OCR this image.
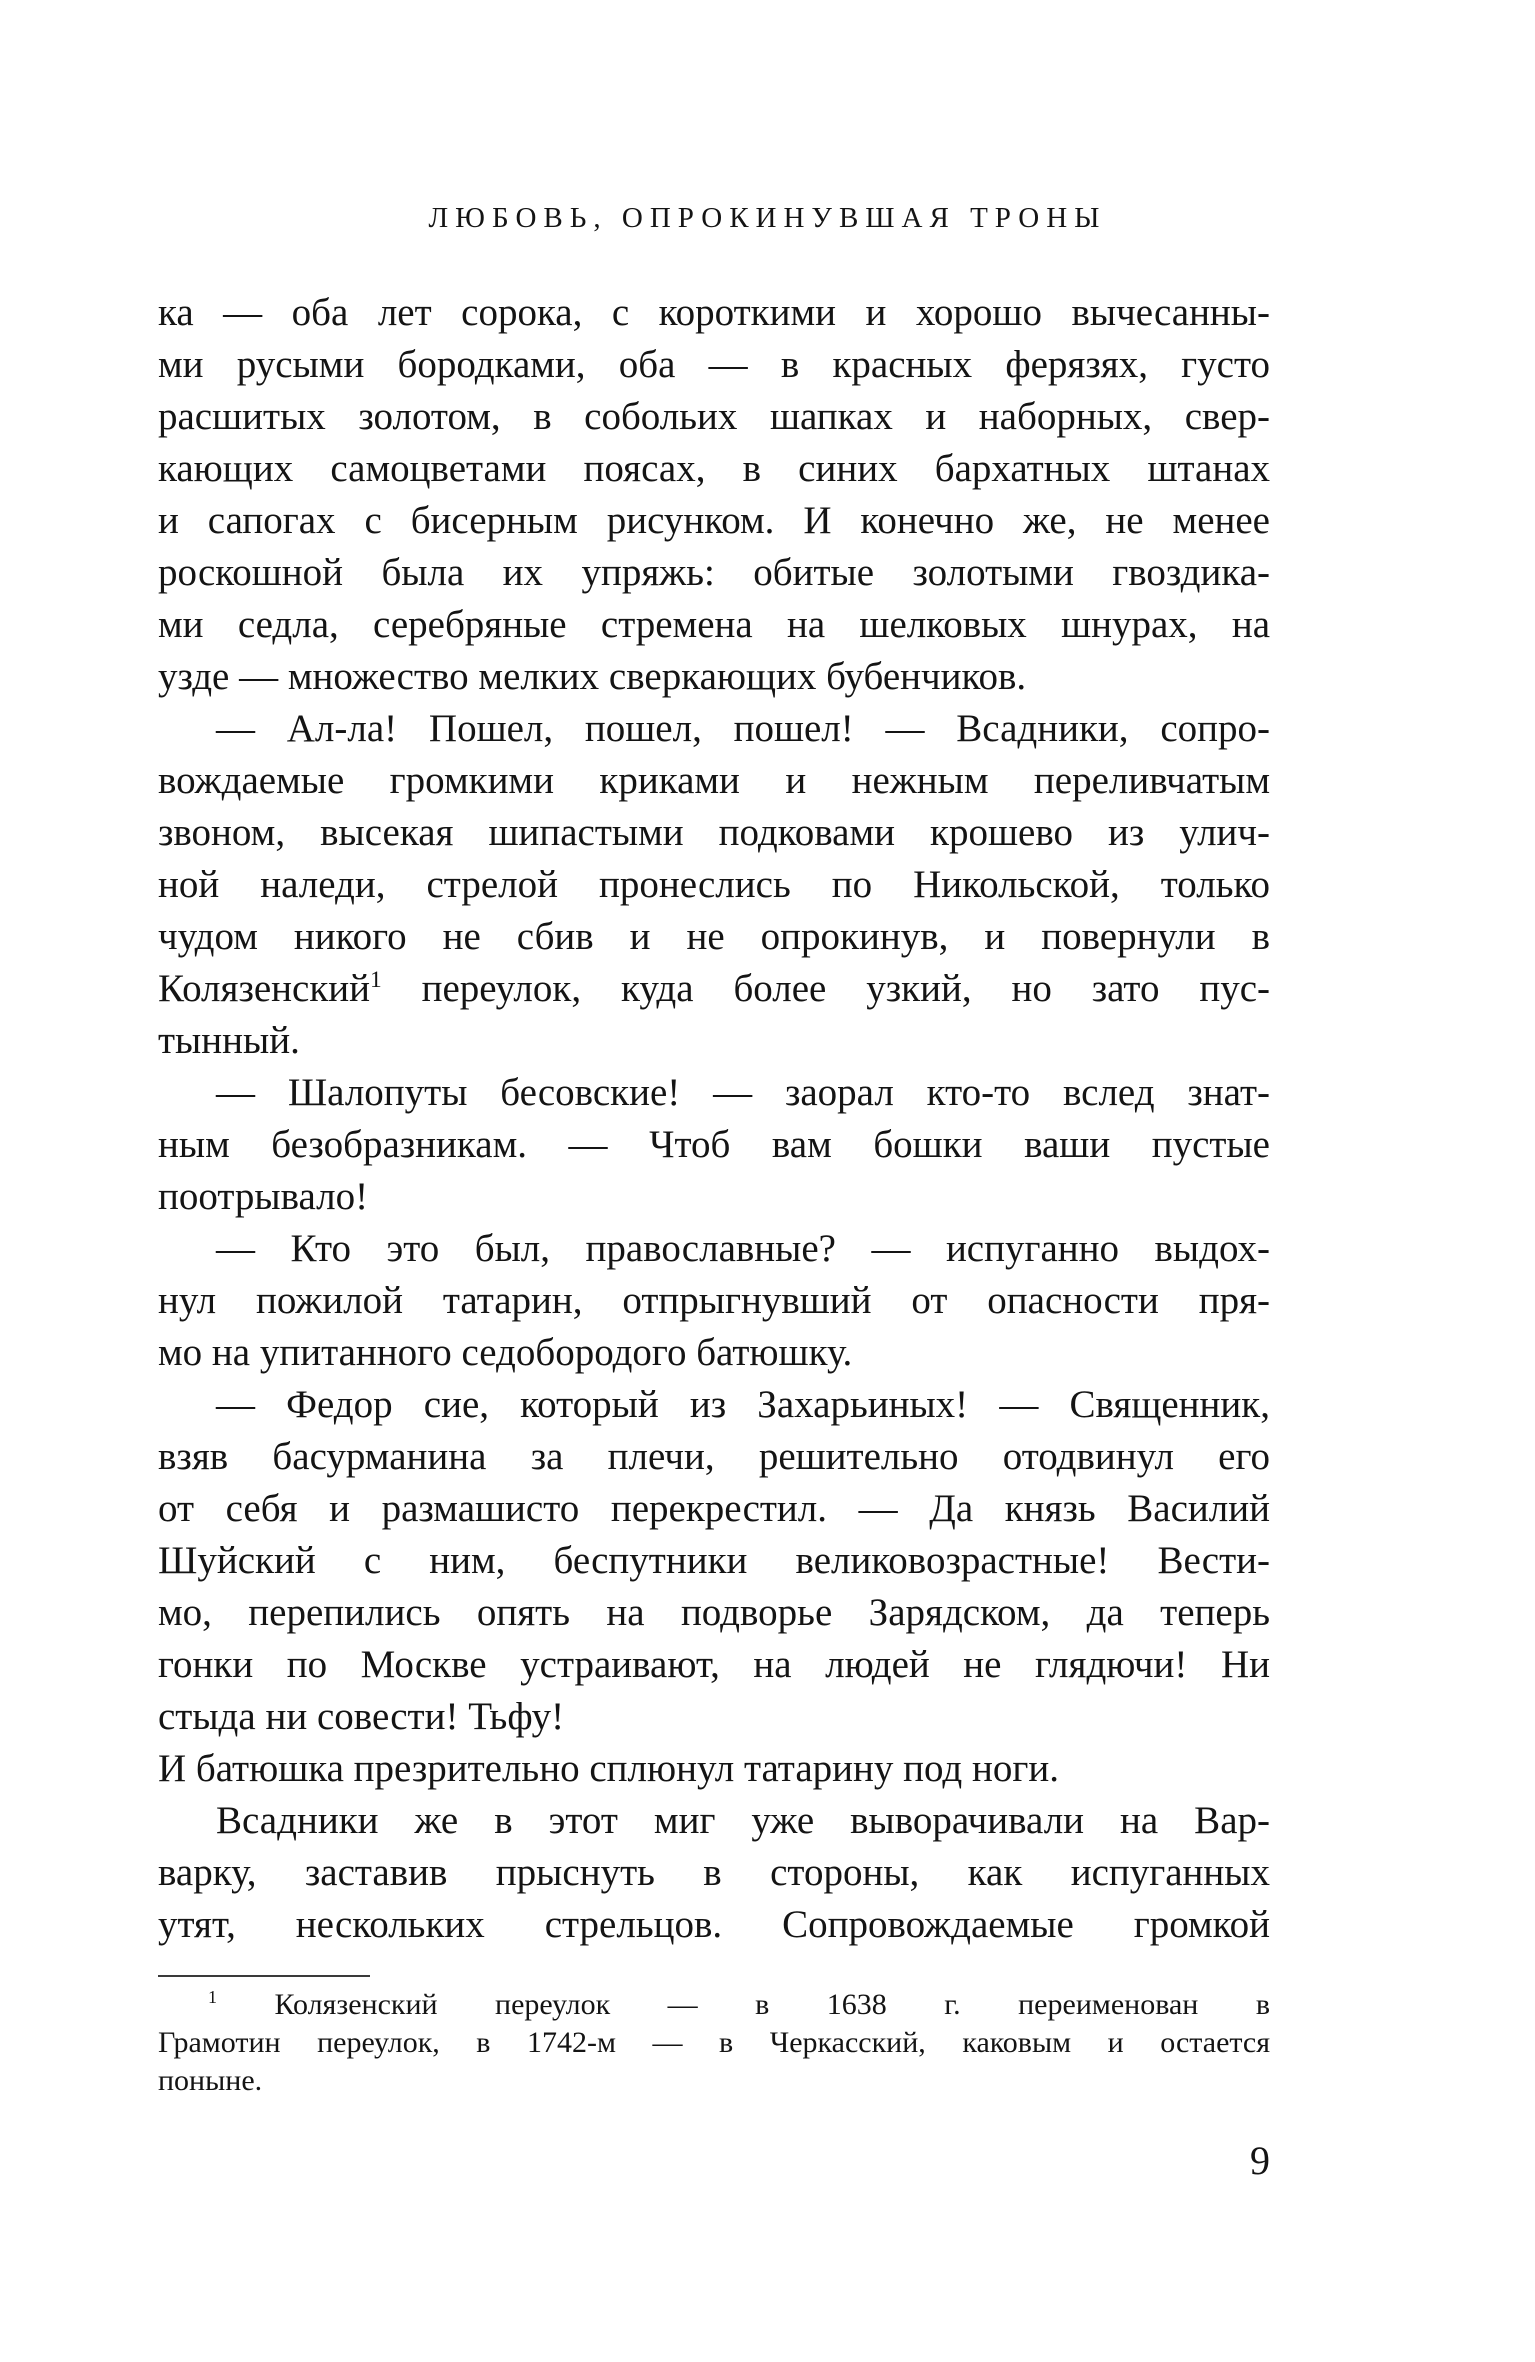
ЛЮБОВЬ, ОПРОКИНУВШАЯ ТРОНЫ

ка — оба лет сорока, с короткими и хорошо вычесанны-
ми русыми бородками, оба — в красных ферязях, густо
расшитых золотом, в собольих шапках и наборных, свер-
кающих самоцветами поясах, в синих бархатных штанах
и сапогах с бисерным рисунком. И конечно же, не менее
роскошной была их упряжь: обитые золотыми гвоздика-
ми седла, серебряные стремена на шелковых шнурах, на
узде — множество мелких сверкающих бубенчиков.

— Ал-ла! Пошел, пошел, пошел! — Всадники, сопро-
вождаемые громкими криками и нежным переливчатым
звоном, высекая шипастыми подковами крошево из улич-
ной наледи, стрелой пронеслись по Никольской, только
чудом никого не сбив и не опрокинув, и повернули в
Колязенский$^1$ переулок, куда более узкий, но зато пус-
тынный.

— Шалопуты бесовские! — заорал кто-то вслед знат-
ным безобразникам. — Чтоб вам бошки ваши пустые
поотрывало!

— Кто это был, православные? — испуганно выдох-
нул пожилой татарин, отпрыгнувший от опасности пря-
мо на упитанного седобородого батюшку.

— Федор сие, который из Захарьиных! — Священник,
взяв басурманина за плечи, решительно отодвинул его
от себя и размашисто перекрестил. — Да князь Василий
Шуйский с ним, беспутники великовозрастные! Вести-
мо, перепились опять на подворье Зарядском, да теперь
гонки по Москве устраивают, на людей не глядючи! Ни
стыда ни совести! Тьфу!

И батюшка презрительно сплюнул татарину под ноги.

Всадники же в этот миг уже выворачивали на Вар-
варку, заставив прыснуть в стороны, как испуганных
утят, нескольких стрельцов. Сопровождаемые громкой

$^1$ Колязенский переулок — в 1638 г. переименован в
Грамотин переулок, в 1742-м — в Черкасский, каковым и остается
поныне.
9
